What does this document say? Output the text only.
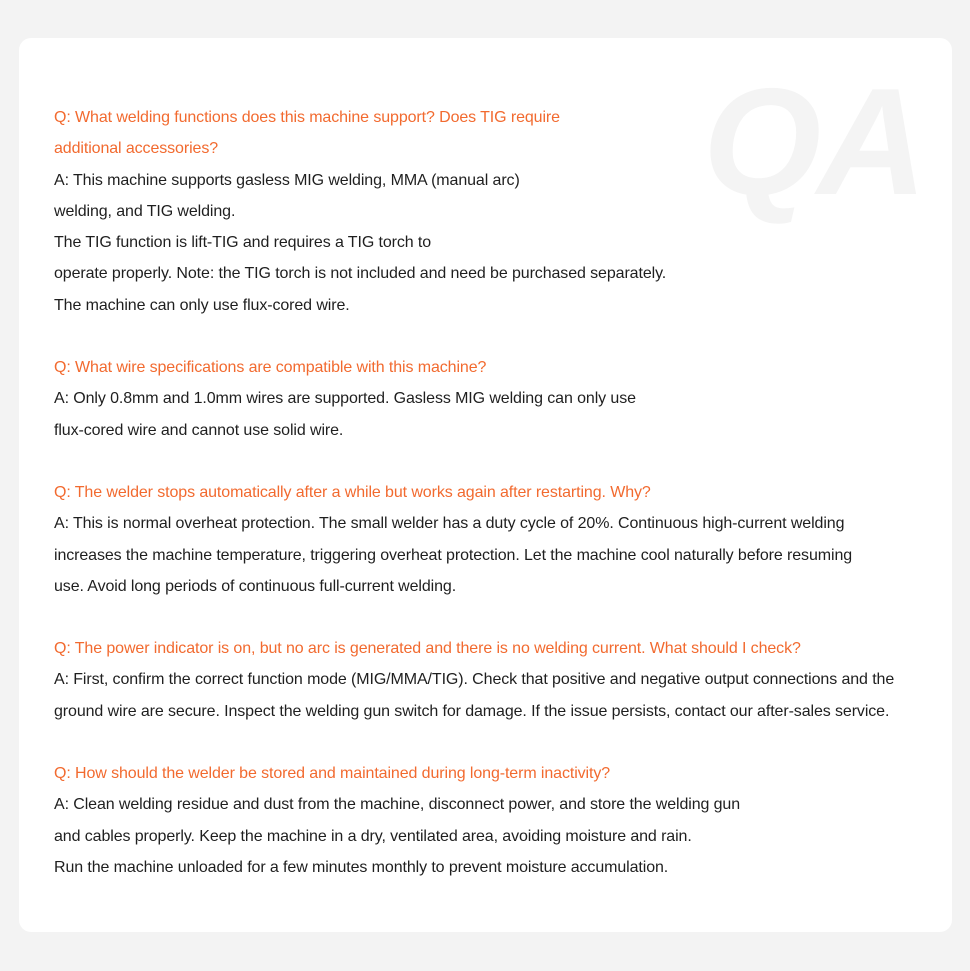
QA
Q: What welding functions does this machine support? Does TIG require
additional accessories?
A: This machine supports gasless MIG welding, MMA (manual arc)
welding, and TIG welding.
The TIG function is lift-TIG and requires a TIG torch to
operate properly. Note: the TIG torch is not included and need be purchased separately.
The machine can only use flux-cored wire.
Q: What wire specifications are compatible with this machine?
A: Only 0.8mm and 1.0mm wires are supported. Gasless MIG welding can only use
flux-cored wire and cannot use solid wire.
Q: The welder stops automatically after a while but works again after restarting. Why?
A: This is normal overheat protection. The small welder has a duty cycle of 20%. Continuous high-current welding
increases the machine temperature, triggering overheat protection. Let the machine cool naturally before resuming
use. Avoid long periods of continuous full-current welding.
Q: The power indicator is on, but no arc is generated and there is no welding current. What should I check?
A: First, confirm the correct function mode (MIG/MMA/TIG). Check that positive and negative output connections and the
ground wire are secure. Inspect the welding gun switch for damage. If the issue persists, contact our after-sales service.
Q: How should the welder be stored and maintained during long-term inactivity?
A: Clean welding residue and dust from the machine, disconnect power, and store the welding gun
and cables properly. Keep the machine in a dry, ventilated area, avoiding moisture and rain.
Run the machine unloaded for a few minutes monthly to prevent moisture accumulation.
